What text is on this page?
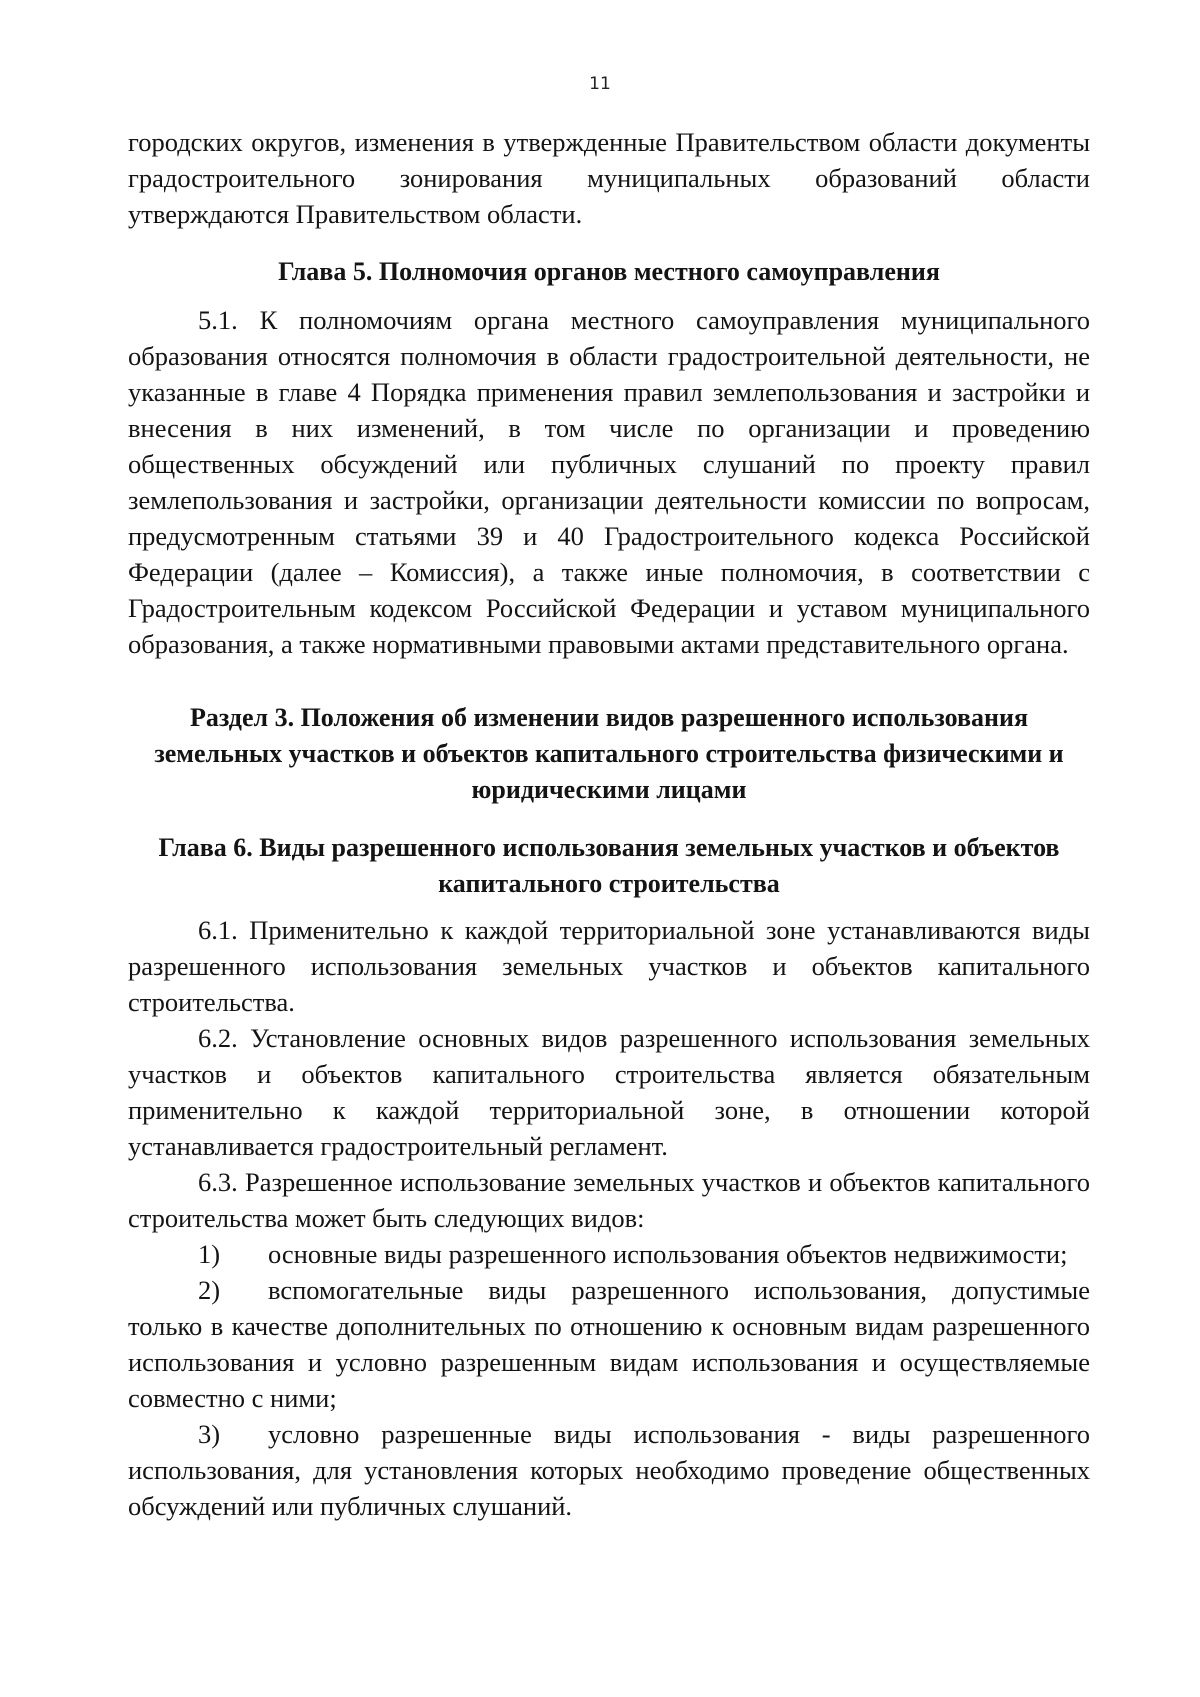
11

городских округов, изменения в утвержденные Правительством области документы градостроительного зонирования муниципальных образований области утверждаются Правительством области.

Глава 5. Полномочия органов местного самоуправления

5.1. К полномочиям органа местного самоуправления муниципального образования относятся полномочия в области градостроительной деятельности, не указанные в главе 4 Порядка применения правил землепользования и застройки и внесения в них изменений, в том числе по организации и проведению общественных обсуждений или публичных слушаний по проекту правил землепользования и застройки, организации деятельности комиссии по вопросам, предусмотренным статьями 39 и 40 Градостроительного кодекса Российской Федерации (далее – Комиссия), а также иные полномочия, в соответствии с Градостроительным кодексом Российской Федерации и уставом муниципального образования, а также нормативными правовыми актами представительного органа.

Раздел 3. Положения об изменении видов разрешенного использования земельных участков и объектов капитального строительства физическими и юридическими лицами
Глава 6. Виды разрешенного использования земельных участков и объектов капитального строительства

6.1. Применительно к каждой территориальной зоне устанавливаются виды разрешенного использования земельных участков и объектов капитального строительства.

6.2. Установление основных видов разрешенного использования земельных участков и объектов капитального строительства является обязательным применительно к каждой территориальной зоне, в отношении которой устанавливается градостроительный регламент.

6.3. Разрешенное использование земельных участков и объектов капитального строительства может быть следующих видов:

1) основные виды разрешенного использования объектов недвижимости;

2) вспомогательные виды разрешенного использования, допустимые только в качестве дополнительных по отношению к основным видам разрешенного использования и условно разрешенным видам использования и осуществляемые совместно с ними;

3) условно разрешенные виды использования - виды разрешенного использования, для установления которых необходимо проведение общественных обсуждений или публичных слушаний.
